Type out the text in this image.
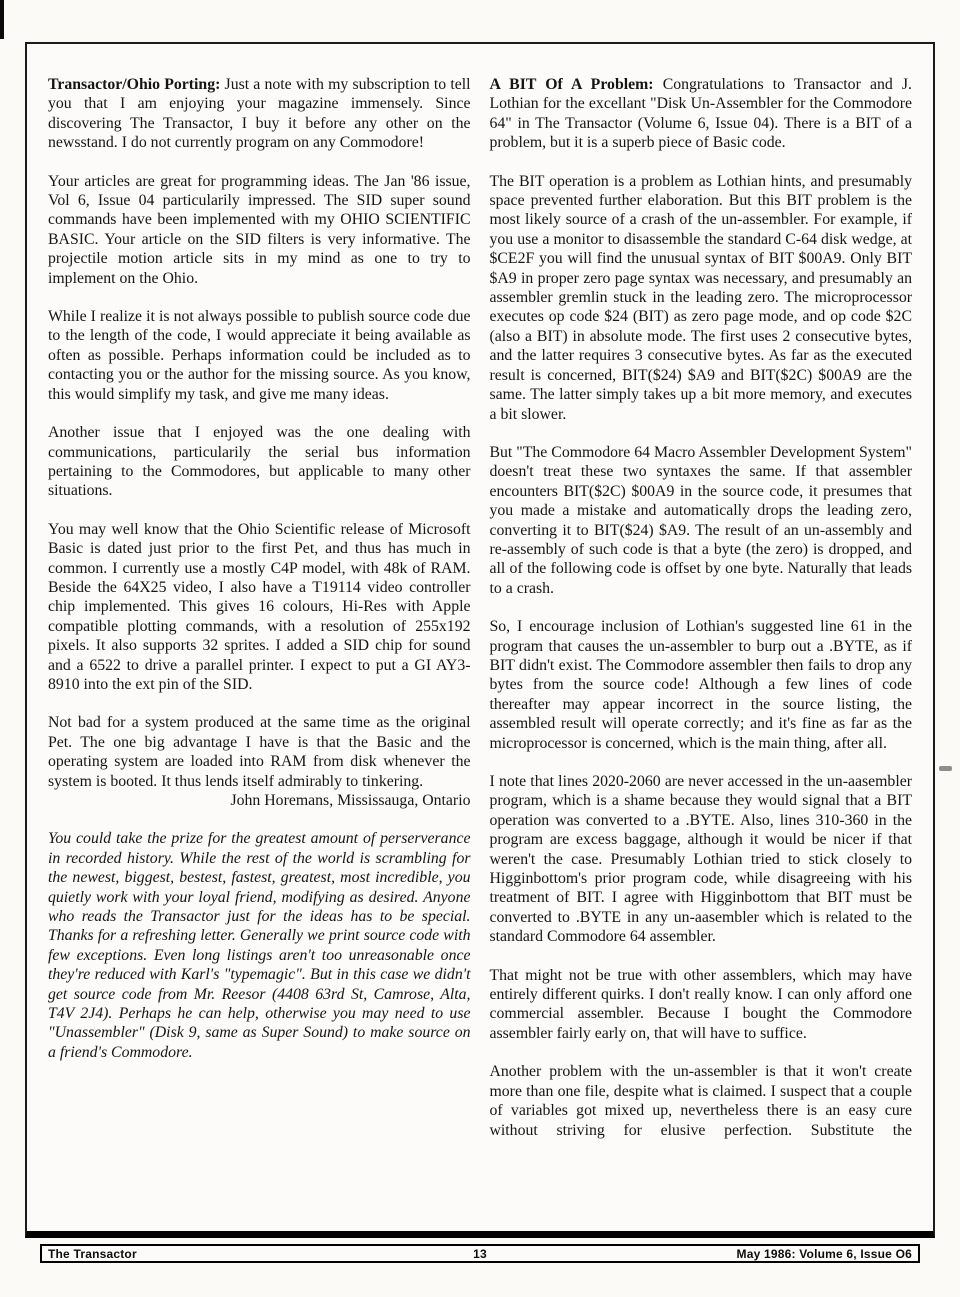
Transactor/Ohio Porting: Just a note with my subscription to tell you that I am enjoying your magazine immensely. Since discovering The Transactor, I buy it before any other on the newsstand. I do not currently program on any Commodore!

Your articles are great for programming ideas. The Jan '86 issue, Vol 6, Issue 04 particularily impressed. The SID super sound commands have been implemented with my OHIO SCIENTIFIC BASIC. Your article on the SID filters is very informative. The projectile motion article sits in my mind as one to try to implement on the Ohio.

While I realize it is not always possible to publish source code due to the length of the code, I would appreciate it being available as often as possible. Perhaps information could be included as to contacting you or the author for the missing source. As you know, this would simplify my task, and give me many ideas.

Another issue that I enjoyed was the one dealing with communications, particularily the serial bus information pertaining to the Commodores, but applicable to many other situations.

You may well know that the Ohio Scientific release of Microsoft Basic is dated just prior to the first Pet, and thus has much in common. I currently use a mostly C4P model, with 48k of RAM. Beside the 64X25 video, I also have a T19114 video controller chip implemented. This gives 16 colours, Hi-Res with Apple compatible plotting commands, with a resolution of 255x192 pixels. It also supports 32 sprites. I added a SID chip for sound and a 6522 to drive a parallel printer. I expect to put a GI AY3-8910 into the ext pin of the SID.

Not bad for a system produced at the same time as the original Pet. The one big advantage I have is that the Basic and the operating system are loaded into RAM from disk whenever the system is booted. It thus lends itself admirably to tinkering.

John Horemans, Mississauga, Ontario

You could take the prize for the greatest amount of perserverance in recorded history. While the rest of the world is scrambling for the newest, biggest, bestest, fastest, greatest, most incredible, you quietly work with your loyal friend, modifying as desired. Anyone who reads the Transactor just for the ideas has to be special. Thanks for a refreshing letter. Generally we print source code with few exceptions. Even long listings aren't too unreasonable once they're reduced with Karl's "typemagic". But in this case we didn't get source code from Mr. Reesor (4408 63rd St, Camrose, Alta, T4V 2J4). Perhaps he can help, otherwise you may need to use "Unassembler" (Disk 9, same as Super Sound) to make source on a friend's Commodore.

A BIT Of A Problem: Congratulations to Transactor and J. Lothian for the excellant "Disk Un-Assembler for the Commodore 64" in The Transactor (Volume 6, Issue 04). There is a BIT of a problem, but it is a superb piece of Basic code.

The BIT operation is a problem as Lothian hints, and presumably space prevented further elaboration. But this BIT problem is the most likely source of a crash of the un-assembler. For example, if you use a monitor to disassemble the standard C-64 disk wedge, at $CE2F you will find the unusual syntax of BIT $00A9. Only BIT $A9 in proper zero page syntax was necessary, and presumably an assembler gremlin stuck in the leading zero. The microprocessor executes op code $24 (BIT) as zero page mode, and op code $2C (also a BIT) in absolute mode. The first uses 2 consecutive bytes, and the latter requires 3 consecutive bytes. As far as the executed result is concerned, BIT($24) $A9 and BIT($2C) $00A9 are the same. The latter simply takes up a bit more memory, and executes a bit slower.

But "The Commodore 64 Macro Assembler Development System" doesn't treat these two syntaxes the same. If that assembler encounters BIT($2C) $00A9 in the source code, it presumes that you made a mistake and automatically drops the leading zero, converting it to BIT($24) $A9. The result of an un-assembly and re-assembly of such code is that a byte (the zero) is dropped, and all of the following code is offset by one byte. Naturally that leads to a crash.

So, I encourage inclusion of Lothian's suggested line 61 in the program that causes the un-assembler to burp out a .BYTE, as if BIT didn't exist. The Commodore assembler then fails to drop any bytes from the source code! Although a few lines of code thereafter may appear incorrect in the source listing, the assembled result will operate correctly; and it's fine as far as the microprocessor is concerned, which is the main thing, after all.

I note that lines 2020-2060 are never accessed in the un-aasembler program, which is a shame because they would signal that a BIT operation was converted to a .BYTE. Also, lines 310-360 in the program are excess baggage, although it would be nicer if that weren't the case. Presumably Lothian tried to stick closely to Higginbottom's prior program code, while disagreeing with his treatment of BIT. I agree with Higginbottom that BIT must be converted to .BYTE in any un-aasembler which is related to the standard Commodore 64 assembler.

That might not be true with other assemblers, which may have entirely different quirks. I don't really know. I can only afford one commercial assembler. Because I bought the Commodore assembler fairly early on, that will have to suffice.

Another problem with the un-assembler is that it won't create more than one file, despite what is claimed. I suspect that a couple of variables got mixed up, nevertheless there is an easy cure without striving for elusive perfection. Substitute the

The Transactor	13	May 1986: Volume 6, Issue O6
